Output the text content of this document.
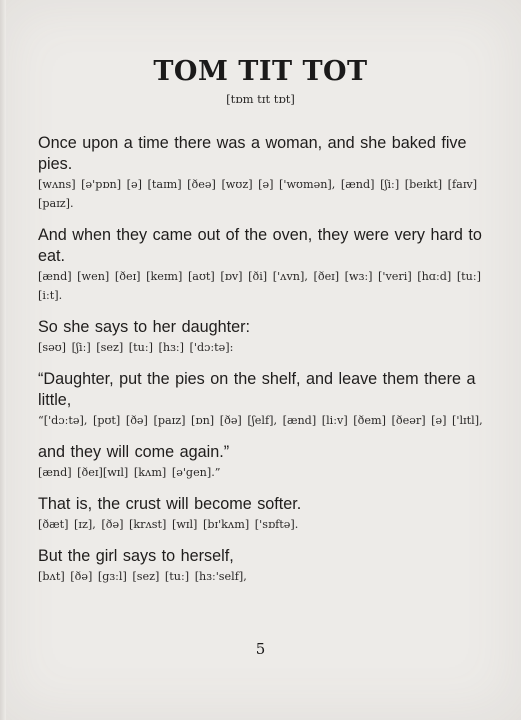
TOM TIT TOT
[tɒm tɪt tɒt]
Once upon a time there was a woman, and she baked five pies.
[wʌns] [ə'pɒn] [ə] [taɪm] [ðeə] [wʊz] [ə] ['wʊmən], [ænd] [ʃiː] [beɪkt] [faɪv] [paɪz].
And when they came out of the oven, they were very hard to eat.
[ænd] [wen] [ðeɪ] [keɪm] [aʊt] [ɒv] [ði] ['ʌvn], [ðeɪ] [wɜː] ['veri] [hɑːd] [tuː] [iːt].
So she says to her daughter:
[səʊ] [ʃiː] [sez] [tuː] [hɜː] ['dɔːtə]:
“Daughter, put the pies on the shelf, and leave them there a little,
“['dɔːtə], [pʊt] [ðə] [paɪz] [ɒn] [ðə] [ʃelf], [ænd] [liːv] [ðem] [ðeər] [ə] ['lɪtl],
and they will come again.”
[ænd] [ðeɪ][wɪl] [kʌm] [ə'gen].”
That is, the crust will become softer.
[ðæt] [ɪz], [ðə] [krʌst] [wɪl] [bɪ'kʌm] ['sɒftə].
But the girl says to herself,
[bʌt] [ðə] [gɜːl] [sez] [tuː] [hɜː'self],
5
